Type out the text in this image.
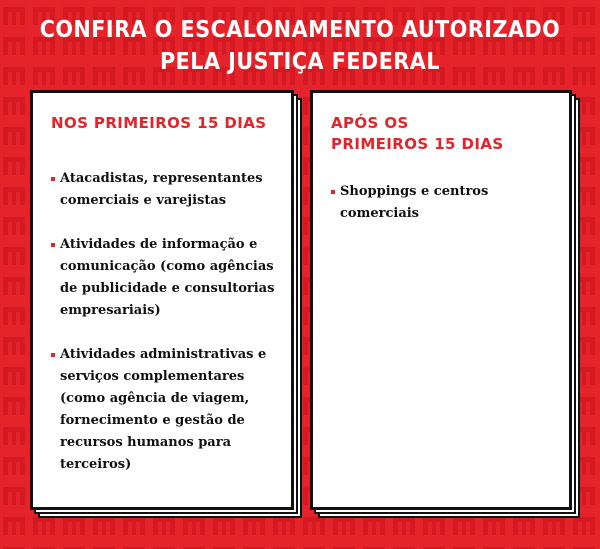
CONFIRA O ESCALONAMENTO AUTORIZADO
PELA JUSTIÇA FEDERAL
NOS PRIMEIROS 15 DIAS
Atacadistas, representantes comerciais e varejistas
Atividades de informação e comunicação (como agências de publicidade e consultorias empresariais)
Atividades administrativas e serviços complementares (como agência de viagem, fornecimento e gestão de recursos humanos para terceiros)
APÓS OS
PRIMEIROS 15 DIAS
Shoppings e centros comerciais
